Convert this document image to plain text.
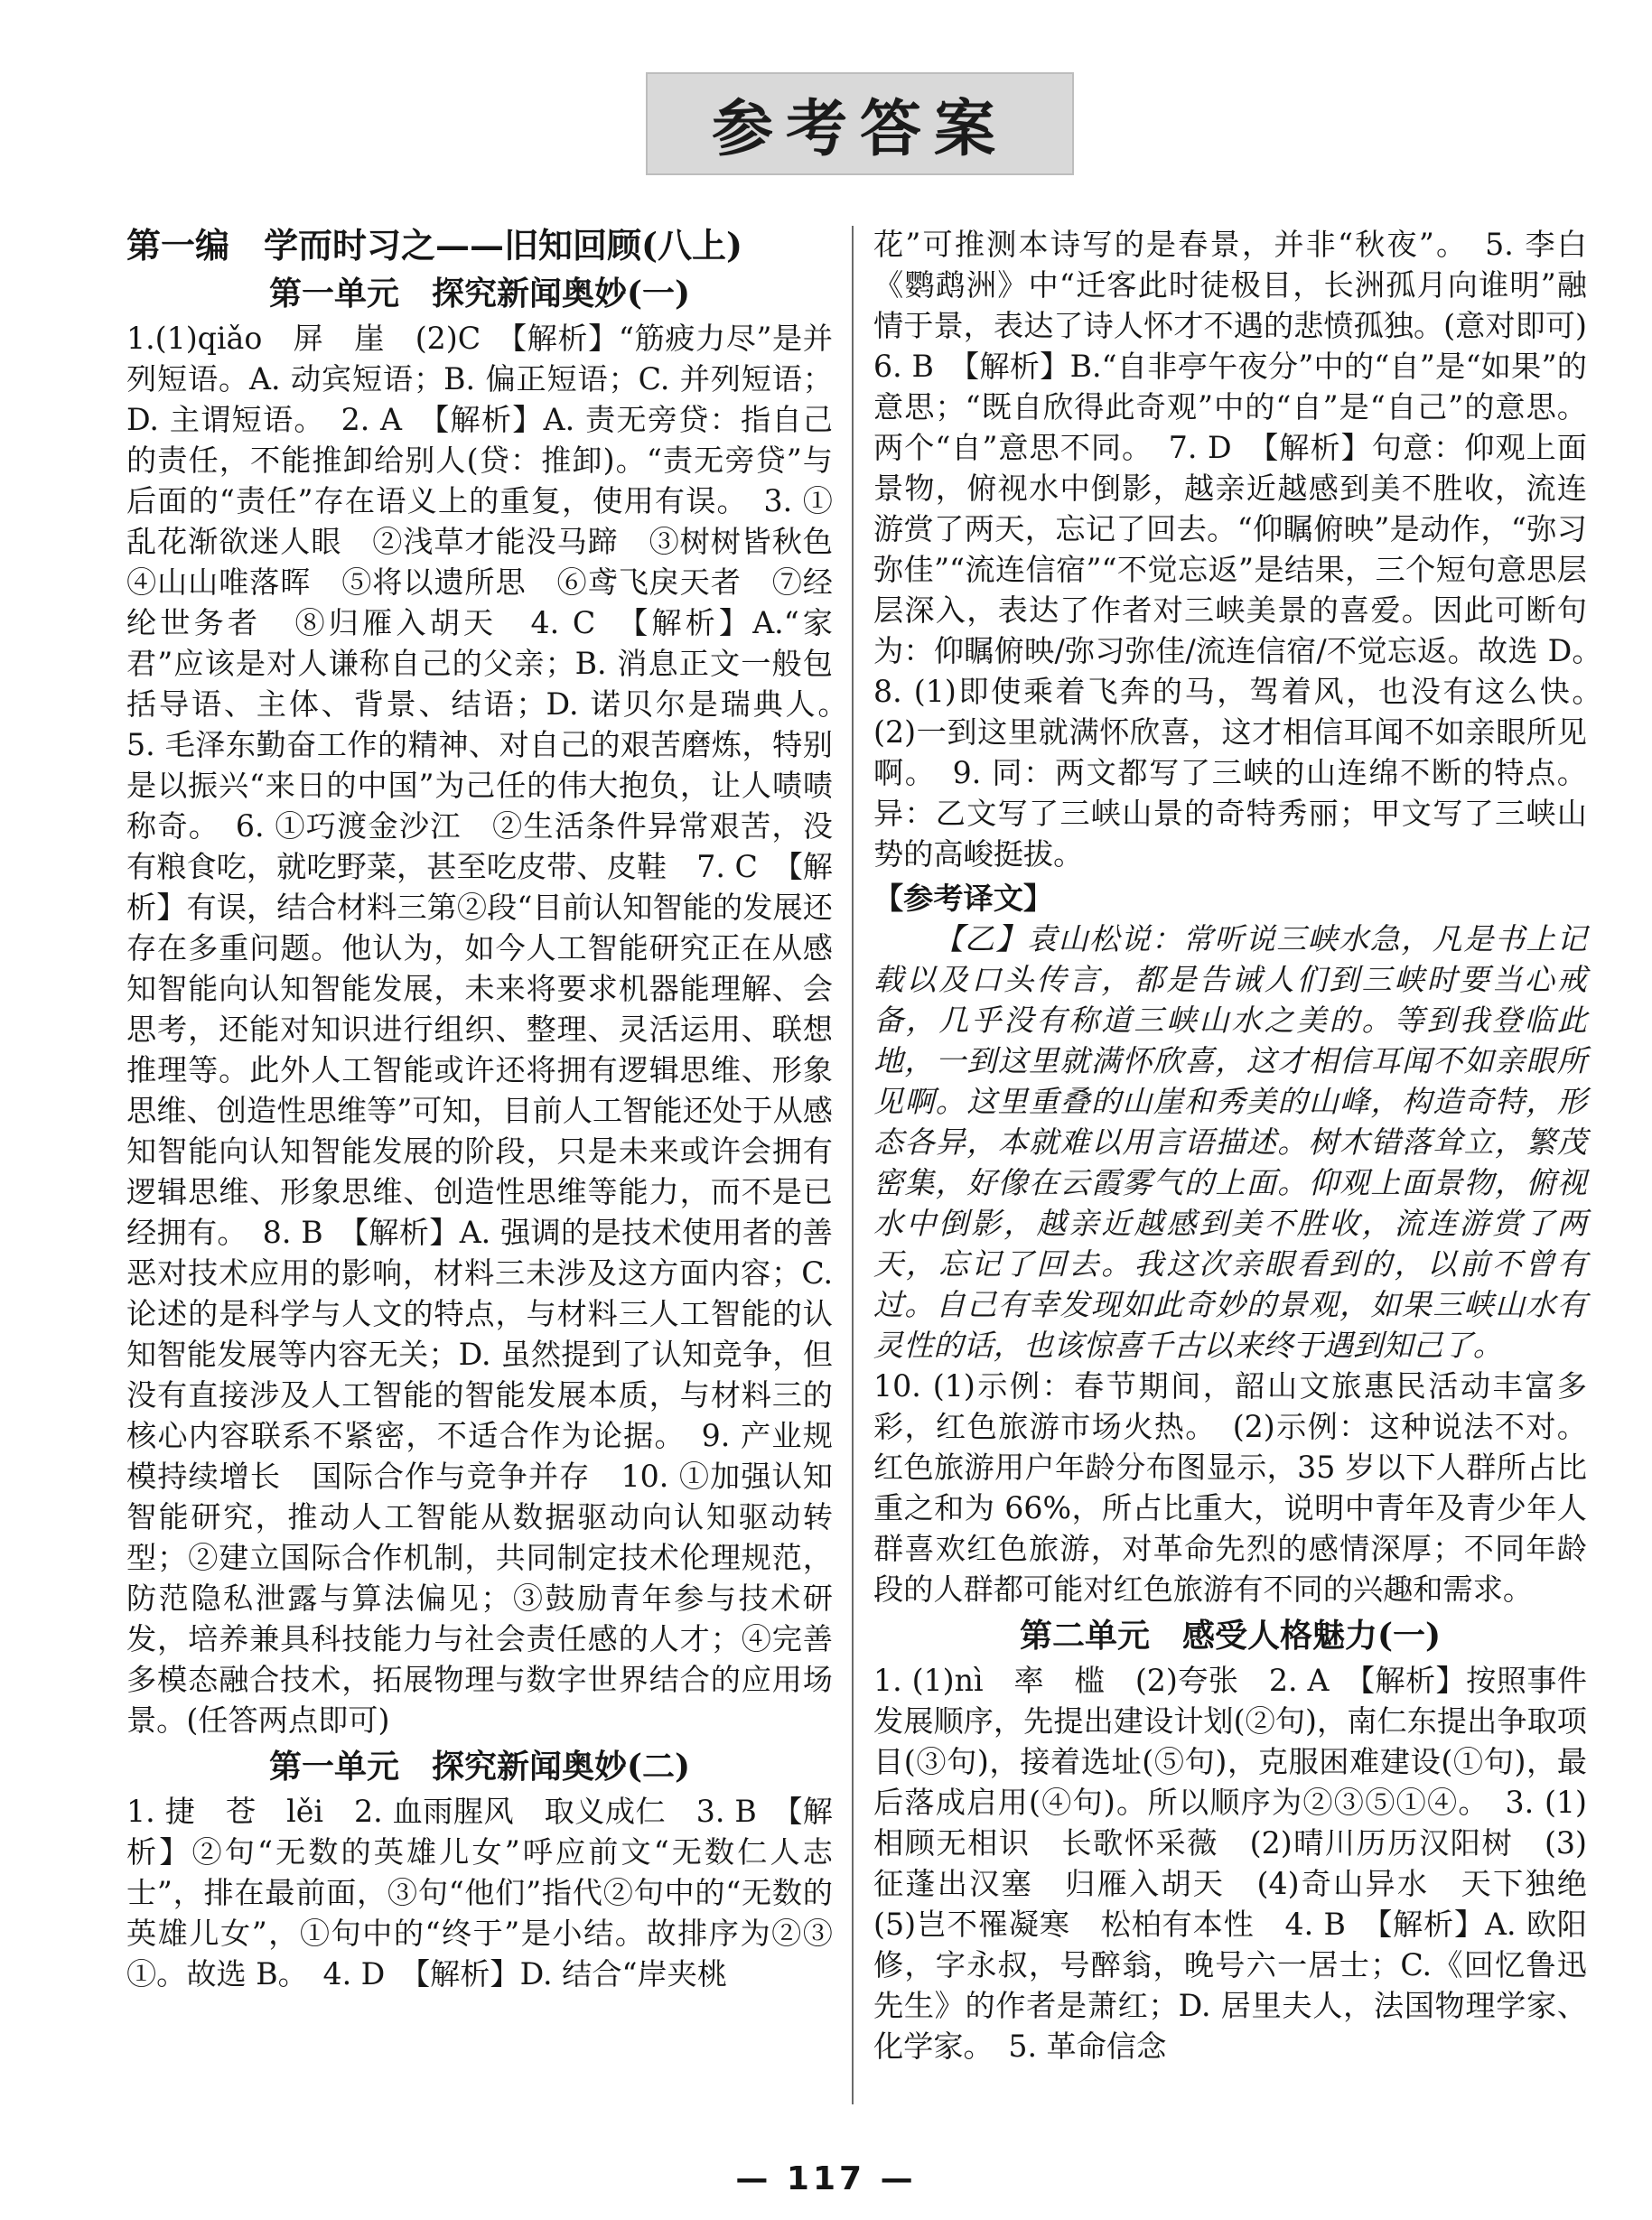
参考答案
第一编　学而时习之——旧知回顾(八上)
第一单元　探究新闻奥妙(一)

1.(1)qiǎo　屏　崖　(2)C　【解析】“筋疲力尽”是并列短语。A. 动宾短语；B. 偏正短语；C. 并列短语；D. 主谓短语。　2. A　【解析】A. 责无旁贷：指自己的责任，不能推卸给别人(贷：推卸)。“责无旁贷”与后面的“责任”存在语义上的重复，使用有误。　3. ①乱花渐欲迷人眼　②浅草才能没马蹄　③树树皆秋色　④山山唯落晖　⑤将以遗所思　⑥鸢飞戾天者　⑦经纶世务者　⑧归雁入胡天　4. C　【解析】A.“家君”应该是对人谦称自己的父亲；B. 消息正文一般包括导语、主体、背景、结语；D. 诺贝尔是瑞典人。　5. 毛泽东勤奋工作的精神、对自己的艰苦磨炼，特别是以振兴“来日的中国”为己任的伟大抱负，让人啧啧称奇。　6. ①巧渡金沙江　②生活条件异常艰苦，没有粮食吃，就吃野菜，甚至吃皮带、皮鞋　7. C　【解析】有误，结合材料三第②段“目前认知智能的发展还存在多重问题。他认为，如今人工智能研究正在从感知智能向认知智能发展，未来将要求机器能理解、会思考，还能对知识进行组织、整理、灵活运用、联想推理等。此外人工智能或许还将拥有逻辑思维、形象思维、创造性思维等”可知，目前人工智能还处于从感知智能向认知智能发展的阶段，只是未来或许会拥有逻辑思维、形象思维、创造性思维等能力，而不是已经拥有。　8. B　【解析】A. 强调的是技术使用者的善恶对技术应用的影响，材料三未涉及这方面内容；C. 论述的是科学与人文的特点，与材料三人工智能的认知智能发展等内容无关；D. 虽然提到了认知竞争，但没有直接涉及人工智能的智能发展本质，与材料三的核心内容联系不紧密，不适合作为论据。　9. 产业规模持续增长　国际合作与竞争并存　10. ①加强认知智能研究，推动人工智能从数据驱动向认知驱动转型；②建立国际合作机制，共同制定技术伦理规范，防范隐私泄露与算法偏见；③鼓励青年参与技术研发，培养兼具科技能力与社会责任感的人才；④完善多模态融合技术，拓展物理与数字世界结合的应用场景。(任答两点即可)

第一单元　探究新闻奥妙(二)

1. 捷　苍　lěi　2. 血雨腥风　取义成仁　3. B　【解析】②句“无数的英雄儿女”呼应前文“无数仁人志士”，排在最前面，③句“他们”指代②句中的“无数的英雄儿女”，①句中的“终于”是小结。故排序为②③①。故选 B。　4. D　【解析】D. 结合“岸夹桃

花”可推测本诗写的是春景，并非“秋夜”。　5. 李白《鹦鹉洲》中“迁客此时徒极目，长洲孤月向谁明”融情于景，表达了诗人怀才不遇的悲愤孤独。(意对即可)　6. B　【解析】B.“自非亭午夜分”中的“自”是“如果”的意思；“既自欣得此奇观”中的“自”是“自己”的意思。两个“自”意思不同。　7. D　【解析】句意：仰观上面景物，俯视水中倒影，越亲近越感到美不胜收，流连游赏了两天，忘记了回去。“仰瞩俯映”是动作，“弥习弥佳”“流连信宿”“不觉忘返”是结果，三个短句意思层层深入，表达了作者对三峡美景的喜爱。因此可断句为：仰瞩俯映/弥习弥佳/流连信宿/不觉忘返。故选 D。　8. (1)即使乘着飞奔的马，驾着风，也没有这么快。　(2)一到这里就满怀欣喜，这才相信耳闻不如亲眼所见啊。　9. 同：两文都写了三峡的山连绵不断的特点。异：乙文写了三峡山景的奇特秀丽；甲文写了三峡山势的高峻挺拔。

【参考译文】

【乙】袁山松说：常听说三峡水急，凡是书上记载以及口头传言，都是告诫人们到三峡时要当心戒备，几乎没有称道三峡山水之美的。等到我登临此地，一到这里就满怀欣喜，这才相信耳闻不如亲眼所见啊。这里重叠的山崖和秀美的山峰，构造奇特，形态各异，本就难以用言语描述。树木错落耸立，繁茂密集，好像在云霞雾气的上面。仰观上面景物，俯视水中倒影，越亲近越感到美不胜收，流连游赏了两天，忘记了回去。我这次亲眼看到的，以前不曾有过。自己有幸发现如此奇妙的景观，如果三峡山水有灵性的话，也该惊喜千古以来终于遇到知己了。

10. (1)示例：春节期间，韶山文旅惠民活动丰富多彩，红色旅游市场火热。　(2)示例：这种说法不对。红色旅游用户年龄分布图显示，35 岁以下人群所占比重之和为 66%，所占比重大，说明中青年及青少年人群喜欢红色旅游，对革命先烈的感情深厚；不同年龄段的人群都可能对红色旅游有不同的兴趣和需求。

第二单元　感受人格魅力(一)

1. (1)nì　率　槛　(2)夸张　2. A　【解析】按照事件发展顺序，先提出建设计划(②句)，南仁东提出争取项目(③句)，接着选址(⑤句)，克服困难建设(①句)，最后落成启用(④句)。所以顺序为②③⑤①④。　3. (1)相顾无相识　长歌怀采薇　(2)晴川历历汉阳树　(3)征蓬出汉塞　归雁入胡天　(4)奇山异水　天下独绝　(5)岂不罹凝寒　松柏有本性　4. B　【解析】A. 欧阳修，字永叔，号醉翁，晚号六一居士；C.《回忆鲁迅先生》的作者是萧红；D. 居里夫人，法国物理学家、化学家。　5. 革命信念

— 117 —
